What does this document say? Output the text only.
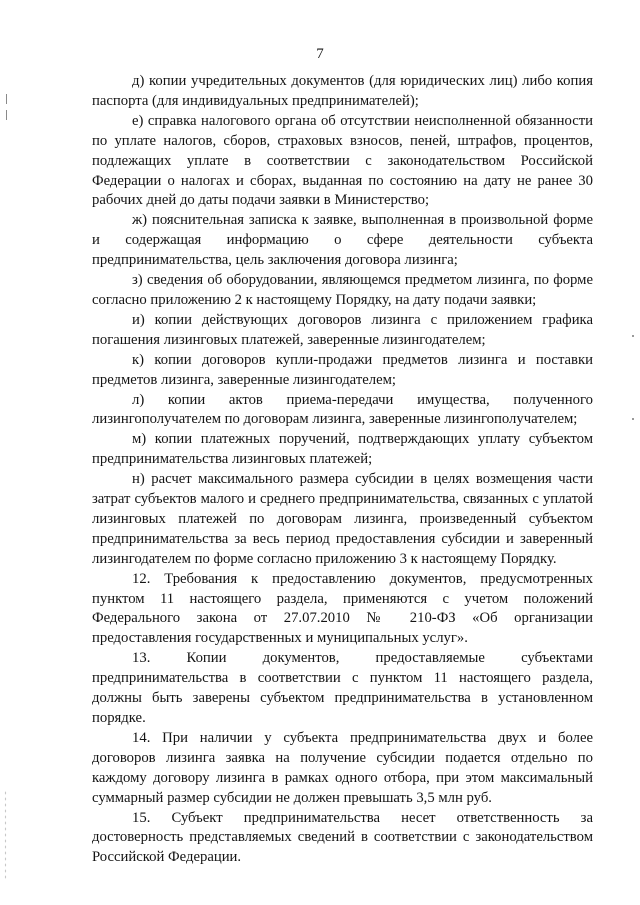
7

д) копии учредительных документов (для юридических лиц) либо копия паспорта (для индивидуальных предпринимателей);

е) справка налогового органа об отсутствии неисполненной обязанности по уплате налогов, сборов, страховых взносов, пеней, штрафов, процентов, подлежащих уплате в соответствии с законодательством Российской Федерации о налогах и сборах, выданная по состоянию на дату не ранее 30 рабочих дней до даты подачи заявки в Министерство;

ж) пояснительная записка к заявке, выполненная в произвольной форме и содержащая информацию о сфере деятельности субъекта предпринимательства, цель заключения договора лизинга;

з) сведения об оборудовании, являющемся предметом лизинга, по форме согласно приложению 2 к настоящему Порядку, на дату подачи заявки;

и) копии действующих договоров лизинга с приложением графика погашения лизинговых платежей, заверенные лизингодателем;

к) копии договоров купли-продажи предметов лизинга и поставки предметов лизинга, заверенные лизингодателем;

л) копии актов приема-передачи имущества, полученного лизингополучателем по договорам лизинга, заверенные лизингополучателем;

м) копии платежных поручений, подтверждающих уплату субъектом предпринимательства лизинговых платежей;

н) расчет максимального размера субсидии в целях возмещения части затрат субъектов малого и среднего предпринимательства, связанных с уплатой лизинговых платежей по договорам лизинга, произведенный субъектом предпринимательства за весь период предоставления субсидии и заверенный лизингодателем по форме согласно приложению 3 к настоящему Порядку.

12. Требования к предоставлению документов, предусмотренных пунктом 11 настоящего раздела, применяются с учетом положений Федерального закона от 27.07.2010 № 210-ФЗ «Об организации предоставления государственных и муниципальных услуг».

13. Копии документов, предоставляемые субъектами предпринимательства в соответствии с пунктом 11 настоящего раздела, должны быть заверены субъектом предпринимательства в установленном порядке.

14. При наличии у субъекта предпринимательства двух и более договоров лизинга заявка на получение субсидии подается отдельно по каждому договору лизинга в рамках одного отбора, при этом максимальный суммарный размер субсидии не должен превышать 3,5 млн руб.

15. Субъект предпринимательства несет ответственность за достоверность представляемых сведений в соответствии с законодательством Российской Федерации.
